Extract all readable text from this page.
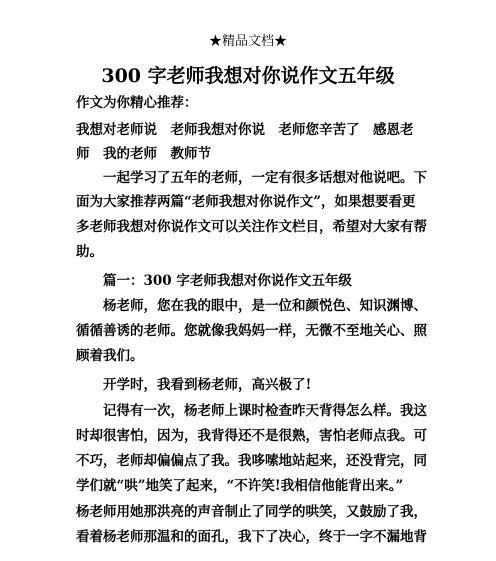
★精品文档★
300 字老师我想对你说作文五年级
作文为你精心推荐：
我想对老师说　老师我想对你说　老师您辛苦了　感恩老
师　我的老师　教师节
　　一起学习了五年的老师，一定有很多话想对他说吧。下
面为大家推荐两篇“老师我想对你说作文”，如果想要看更
多老师我想对你说作文可以关注作文栏目，希望对大家有帮
助。
　　篇一：300 字老师我想对你说作文五年级
　　杨老师，您在我的眼中，是一位和颜悦色、知识渊博、
循循善诱的老师。您就像我妈妈一样，无微不至地关心、照
顾着我们。
　　开学时，我看到杨老师，高兴极了!
　　记得有一次，杨老师上课时检查昨天背得怎么样。我这
时却很害怕，因为，我背得还不是很熟，害怕老师点我。可
不巧，老师却偏偏点了我。我哆嗦地站起来，还没背完，同
学们就“哄”地笑了起来，“不许笑!我相信他能背出来。”
杨老师用她那洪亮的声音制止了同学的哄笑，又鼓励了我，
看着杨老师那温和的面孔，我下了决心，终于一字不漏地背
